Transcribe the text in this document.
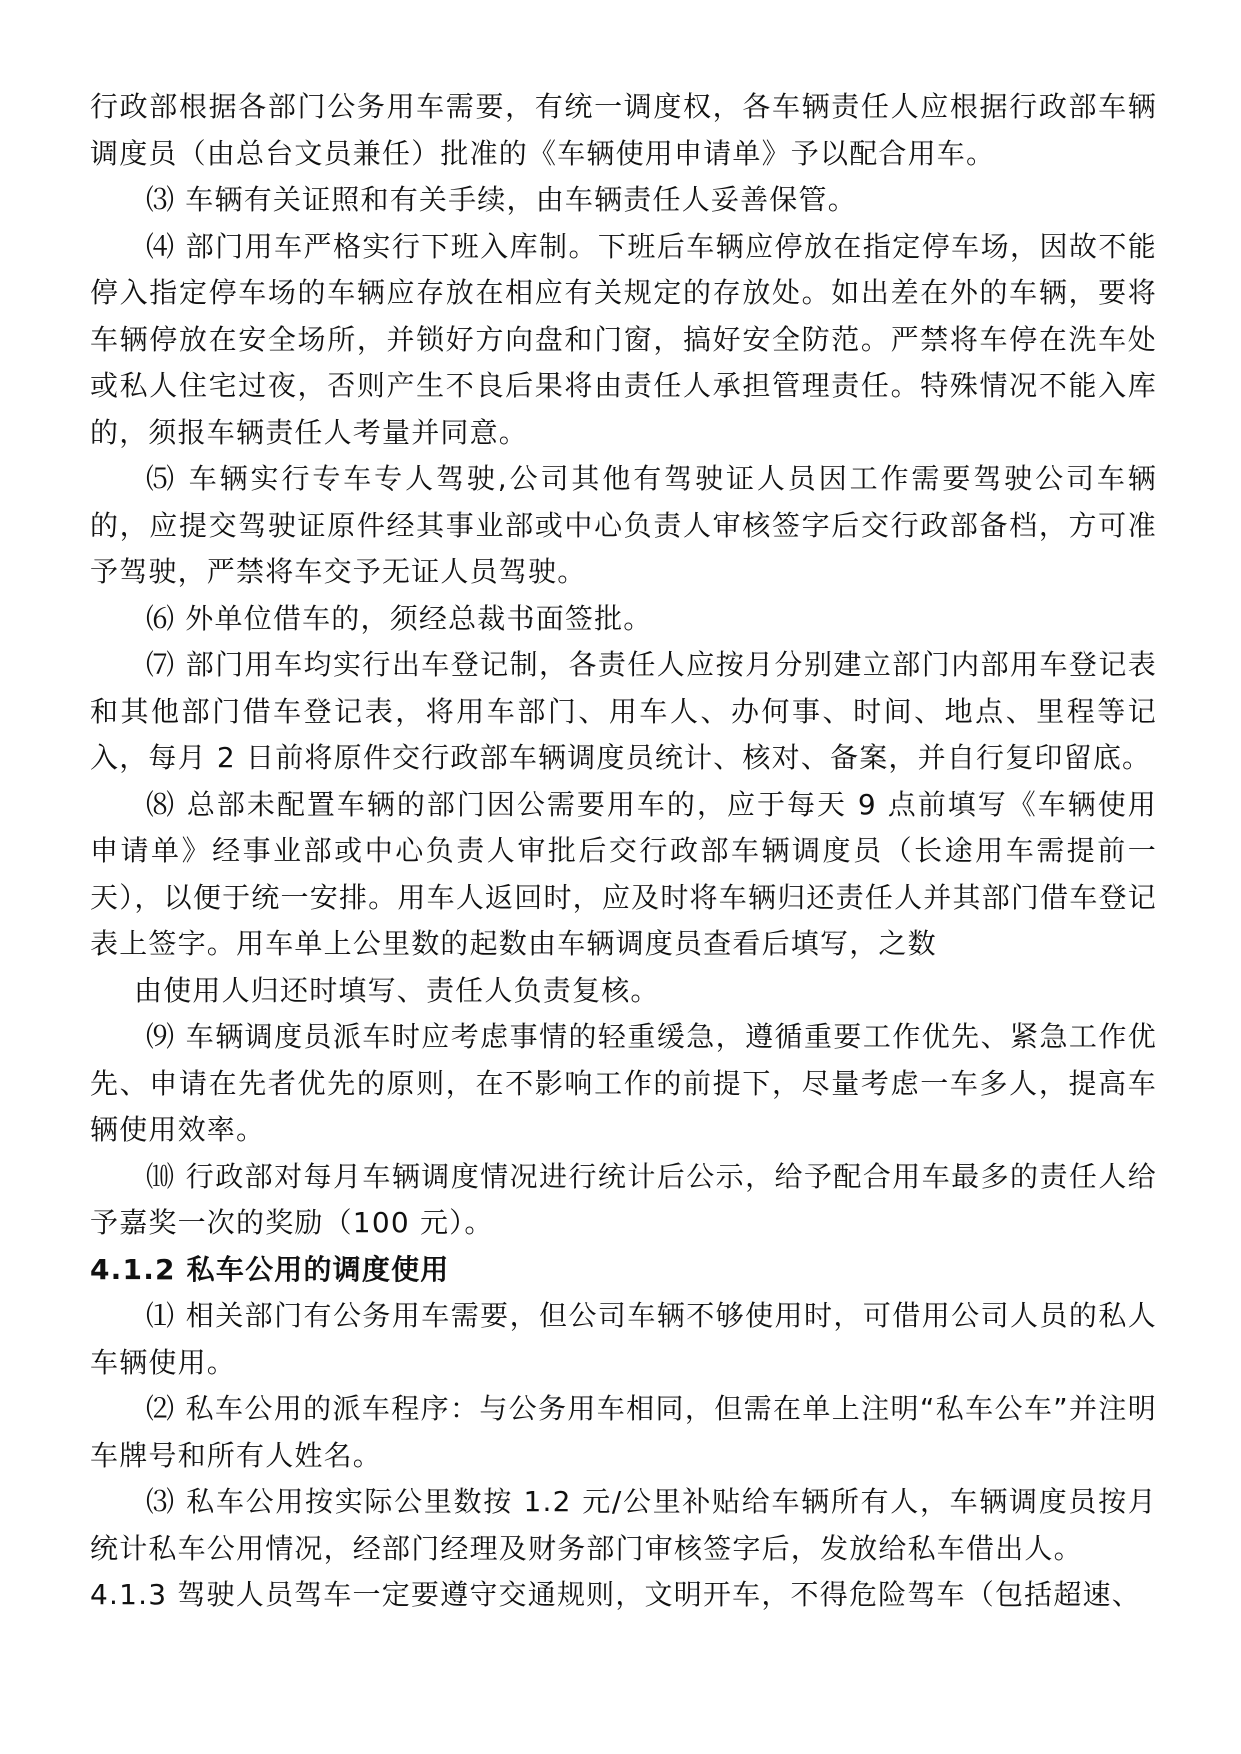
行政部根据各部门公务用车需要，有统一调度权，各车辆责任人应根据行政部车辆调度员（由总台文员兼任）批准的《车辆使用申请单》予以配合用车。

⑶ 车辆有关证照和有关手续，由车辆责任人妥善保管。

⑷ 部门用车严格实行下班入库制。下班后车辆应停放在指定停车场，因故不能停入指定停车场的车辆应存放在相应有关规定的存放处。如出差在外的车辆，要将车辆停放在安全场所，并锁好方向盘和门窗，搞好安全防范。严禁将车停在洗车处或私人住宅过夜，否则产生不良后果将由责任人承担管理责任。特殊情况不能入库的，须报车辆责任人考量并同意。

⑸ 车辆实行专车专人驾驶,公司其他有驾驶证人员因工作需要驾驶公司车辆的，应提交驾驶证原件经其事业部或中心负责人审核签字后交行政部备档，方可准予驾驶，严禁将车交予无证人员驾驶。

⑹ 外单位借车的，须经总裁书面签批。

⑺ 部门用车均实行出车登记制，各责任人应按月分别建立部门内部用车登记表和其他部门借车登记表，将用车部门、用车人、办何事、时间、地点、里程等记入，每月 2 日前将原件交行政部车辆调度员统计、核对、备案，并自行复印留底。

⑻ 总部未配置车辆的部门因公需要用车的，应于每天 9 点前填写《车辆使用申请单》经事业部或中心负责人审批后交行政部车辆调度员（长途用车需提前一天），以便于统一安排。用车人返回时，应及时将车辆归还责任人并其部门借车登记表上签字。用车单上公里数的起数由车辆调度员查看后填写，之数

由使用人归还时填写、责任人负责复核。

⑼ 车辆调度员派车时应考虑事情的轻重缓急，遵循重要工作优先、紧急工作优先、申请在先者优先的原则，在不影响工作的前提下，尽量考虑一车多人，提高车辆使用效率。

⑽ 行政部对每月车辆调度情况进行统计后公示，给予配合用车最多的责任人给予嘉奖一次的奖励（100 元）。

4.1.2 私车公用的调度使用

⑴ 相关部门有公务用车需要，但公司车辆不够使用时，可借用公司人员的私人车辆使用。

⑵ 私车公用的派车程序：与公务用车相同，但需在单上注明“私车公车”并注明车牌号和所有人姓名。

⑶ 私车公用按实际公里数按 1.2 元/公里补贴给车辆所有人，车辆调度员按月统计私车公用情况，经部门经理及财务部门审核签字后，发放给私车借出人。

4.1.3 驾驶人员驾车一定要遵守交通规则，文明开车，不得危险驾车（包括超速、
